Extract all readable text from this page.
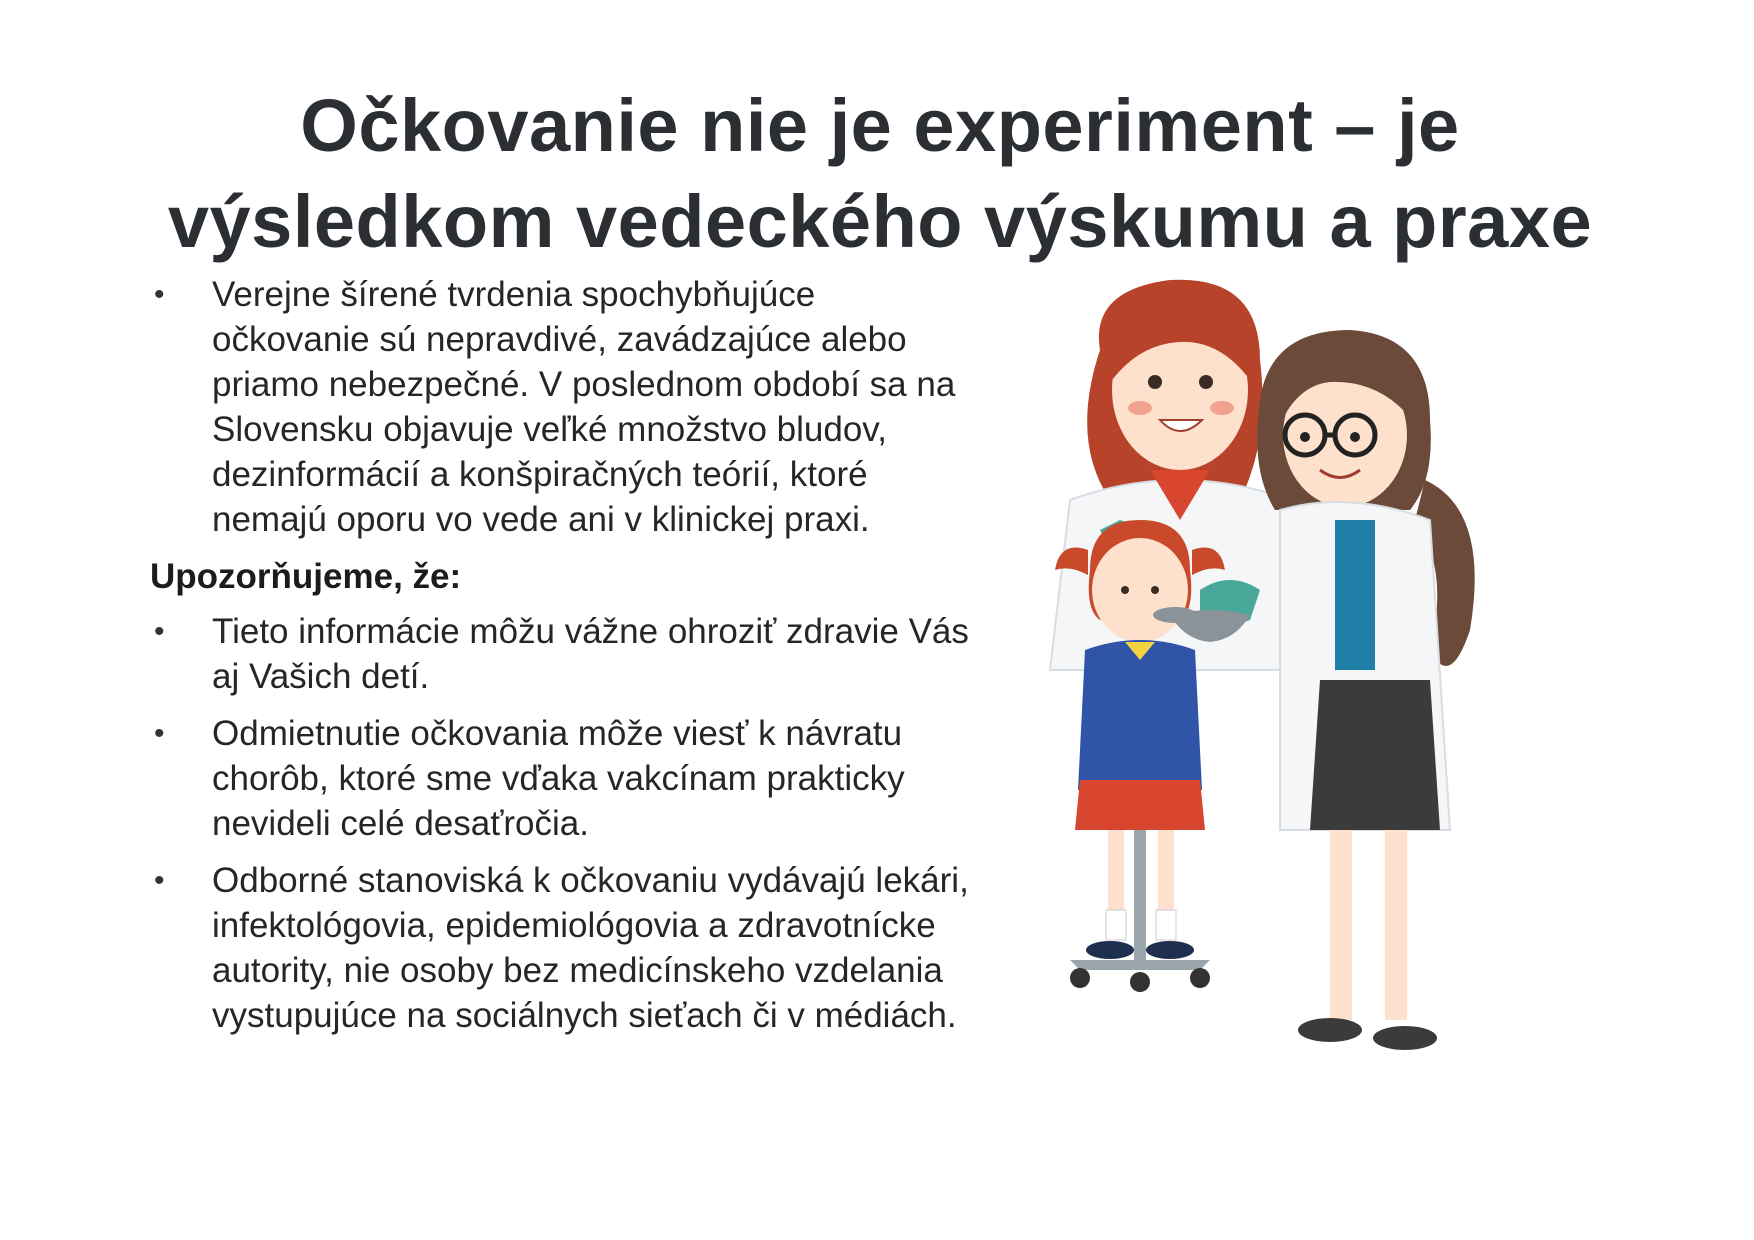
Očkovanie nie je experiment – je
výsledkom vedeckého výskumu a praxe
• Verejne šírené tvrdenia spochybňujúce očkovanie sú nepravdivé, zavádzajúce alebo priamo nebezpečné. V poslednom období sa na Slovensku objavuje veľké množstvo bludov, dezinformácií a konšpiračných teórií, ktoré nemajú oporu vo vede ani v klinickej praxi.
Upozorňujeme, že:
• Tieto informácie môžu vážne ohroziť zdravie Vás aj Vašich detí.
• Odmietnutie očkovania môže viesť k návratu chorôb, ktoré sme vďaka vakcínam prakticky nevideli celé desaťročia.
• Odborné stanoviská k očkovaniu vydávajú lekári, infektológovia, epidemiológovia a zdravotnícke autority, nie osoby bez medicínskeho vzdelania vystupujúce na sociálnych sieťach či v médiách.
